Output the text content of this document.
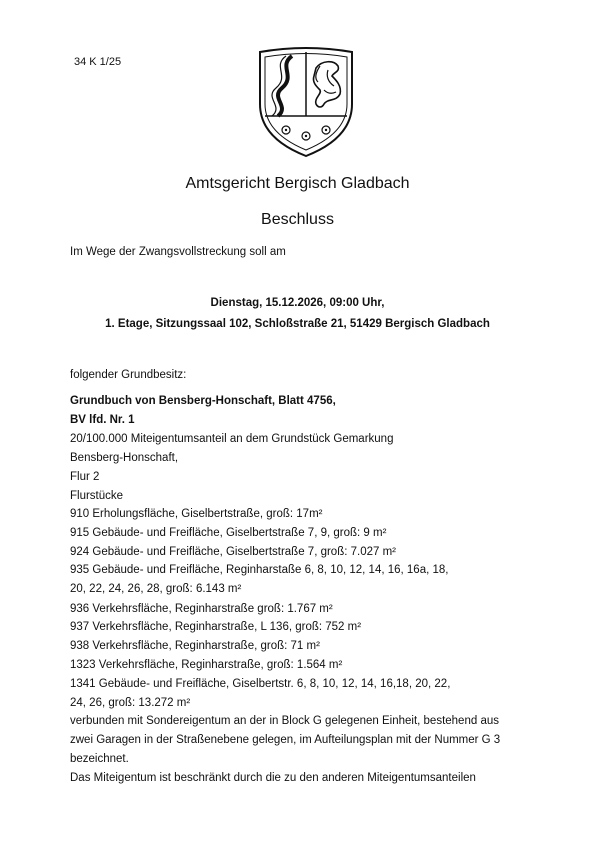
34 K 1/25
Amtsgericht Bergisch Gladbach
Beschluss
Im Wege der Zwangsvollstreckung soll am
Dienstag, 15.12.2026, 09:00 Uhr,
1. Etage, Sitzungssaal 102, Schloßstraße 21, 51429 Bergisch Gladbach
folgender Grundbesitz:
Grundbuch von Bensberg-Honschaft, Blatt 4756,
BV lfd. Nr. 1
20/100.000 Miteigentumsanteil an dem Grundstück Gemarkung
Bensberg-Honschaft,
Flur 2
Flurstücke
910 Erholungsfläche, Giselbertstraße, groß: 17m²
915 Gebäude- und Freifläche, Giselbertstraße 7, 9, groß: 9 m²
924 Gebäude- und Freifläche, Giselbertstraße 7, groß: 7.027 m²
935 Gebäude- und Freifläche, Reginharstaße 6, 8, 10, 12, 14, 16, 16a, 18,
20, 22, 24, 26, 28, groß: 6.143 m²
936 Verkehrsfläche, Reginharstraße groß: 1.767 m²
937 Verkehrsfläche, Reginharstraße, L 136, groß: 752 m²
938 Verkehrsfläche, Reginharstraße, groß: 71 m²
1323 Verkehrsfläche, Reginharstraße, groß: 1.564 m²
1341 Gebäude- und Freifläche, Giselbertstr. 6, 8, 10, 12, 14, 16,18, 20, 22,
24, 26, groß: 13.272 m²
verbunden mit Sondereigentum an der in Block G gelegenen Einheit, bestehend aus
zwei Garagen in der Straßenebene gelegen, im Aufteilungsplan mit der Nummer G 3
bezeichnet.
Das Miteigentum ist beschränkt durch die zu den anderen Miteigentumsanteilen
